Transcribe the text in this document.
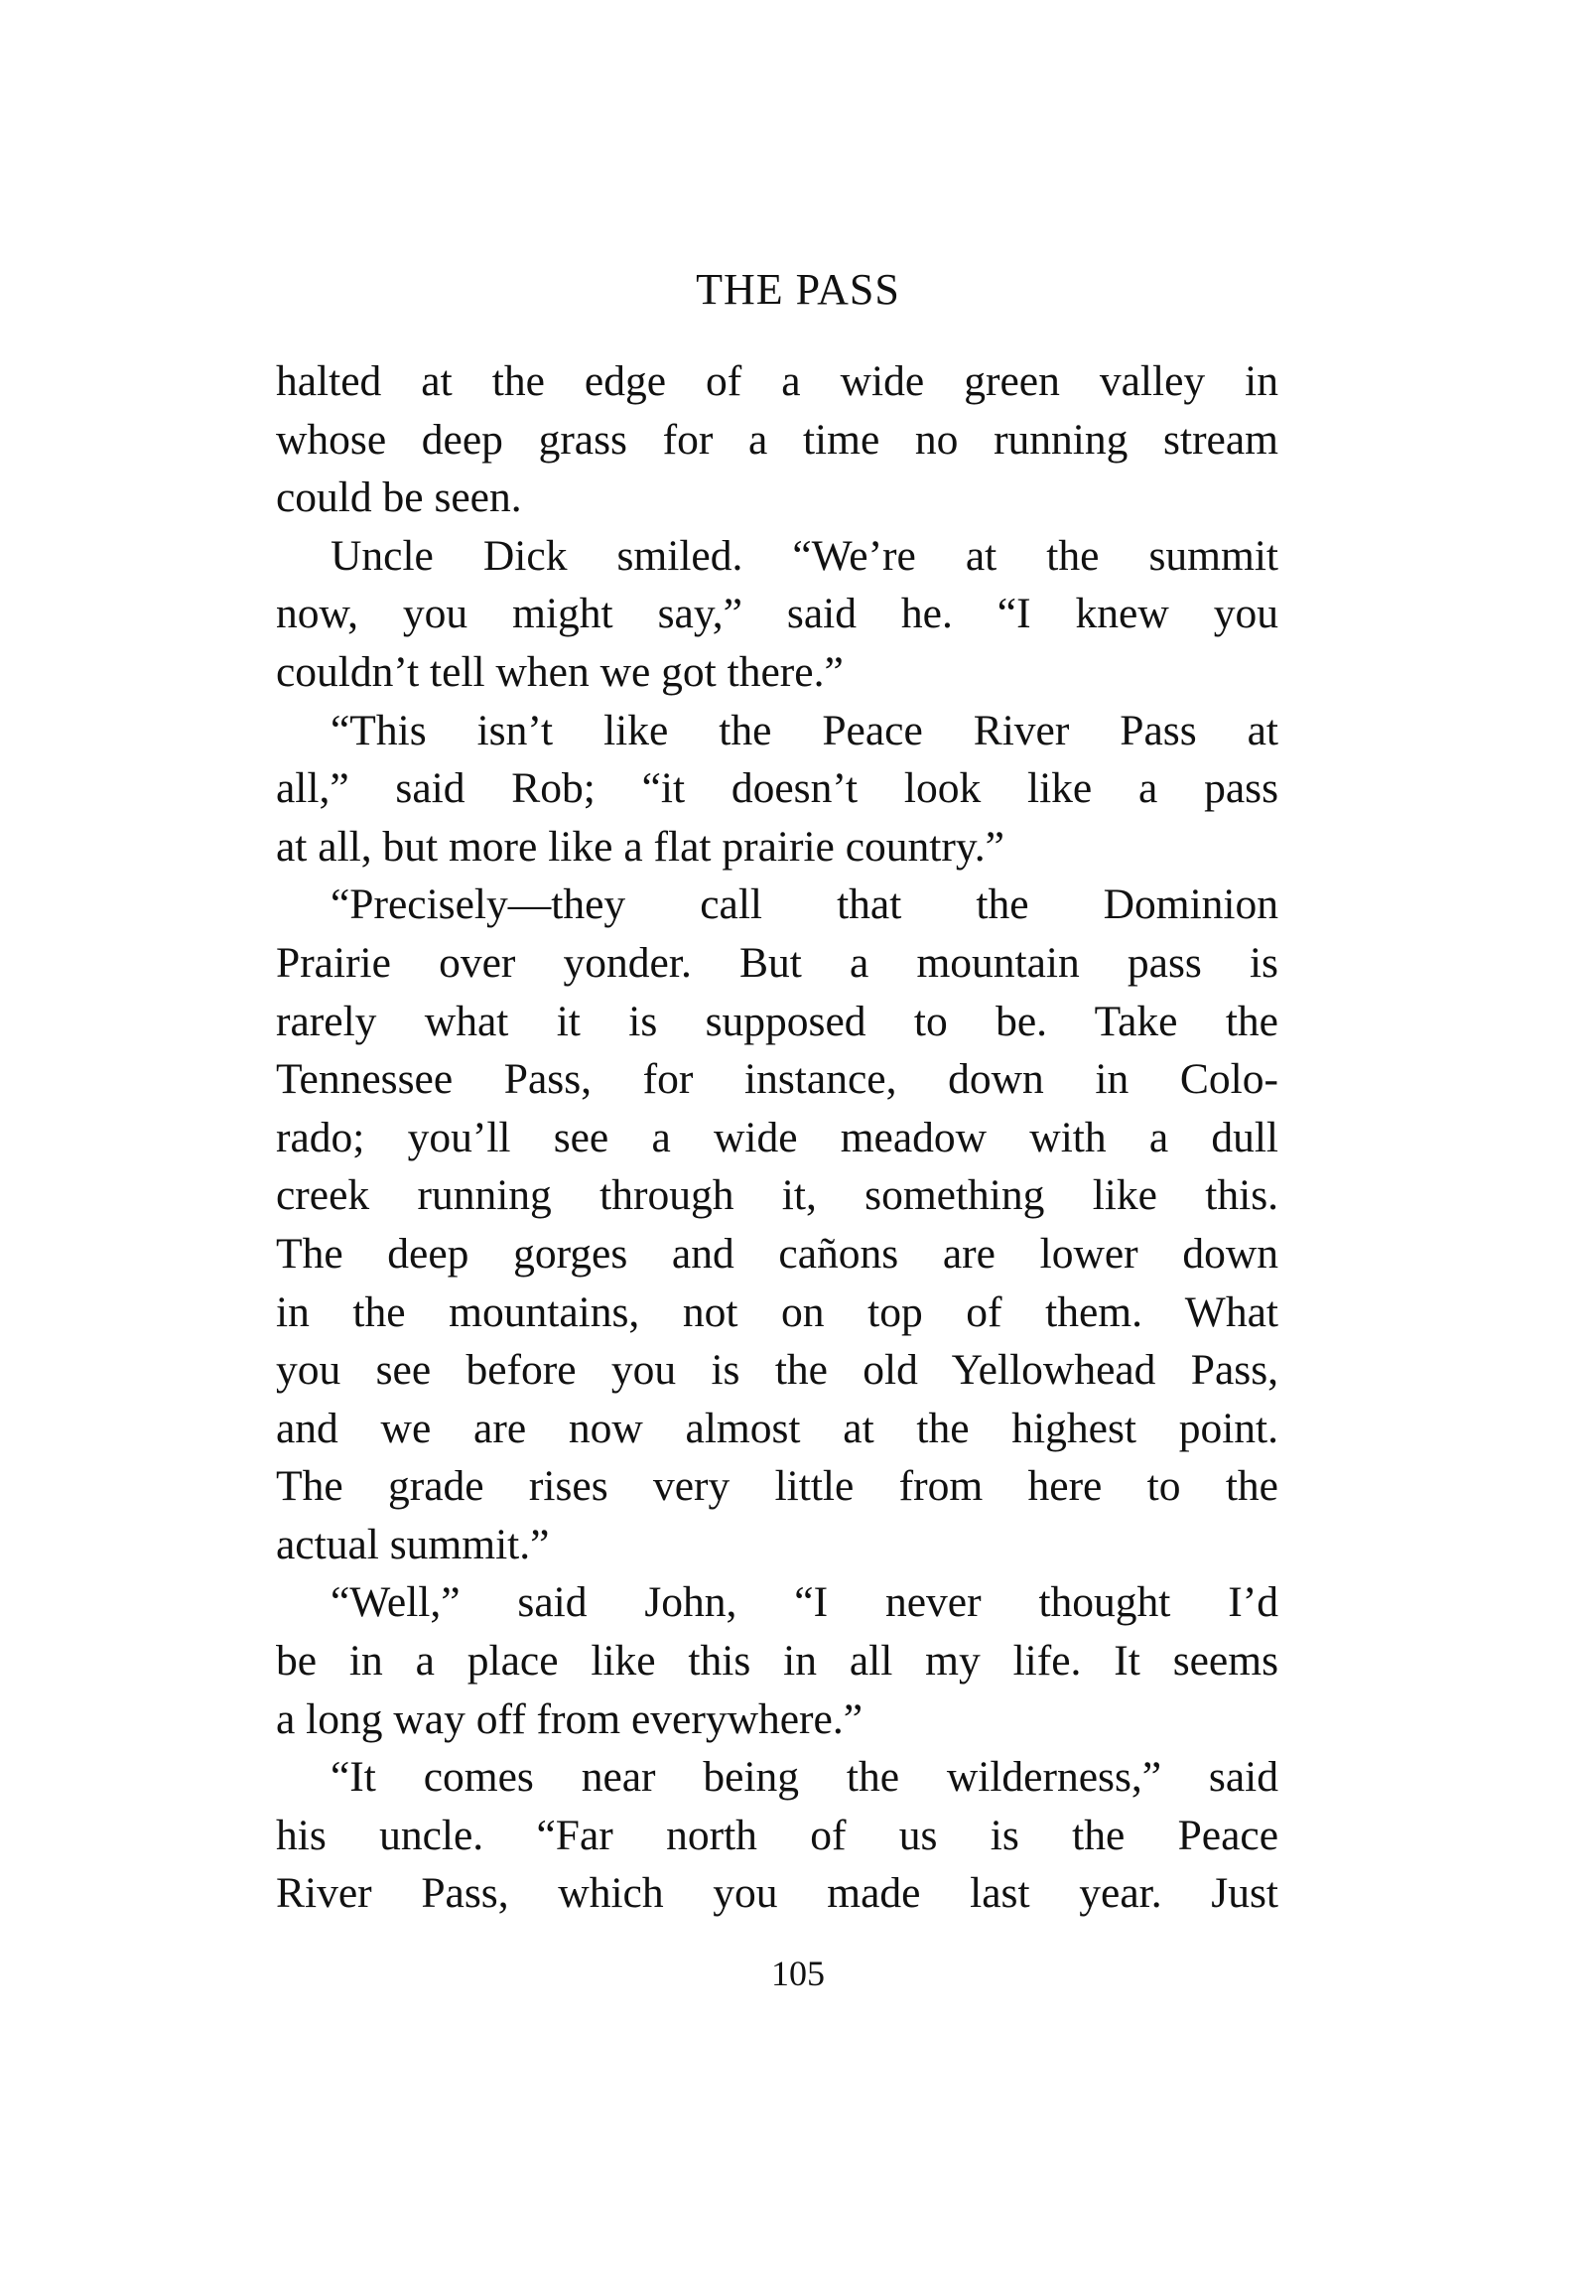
THE PASS
halted at the edge of a wide green valley in
whose deep grass for a time no running stream
could be seen.
Uncle Dick smiled. “We’re at the summit
now, you might say,” said he. “I knew you
couldn’t tell when we got there.”
“This isn’t like the Peace River Pass at
all,” said Rob; “it doesn’t look like a pass
at all, but more like a flat prairie country.”
“Precisely—they call that the Dominion
Prairie over yonder. But a mountain pass is
rarely what it is supposed to be. Take the
Tennessee Pass, for instance, down in Colo-
rado; you’ll see a wide meadow with a dull
creek running through it, something like this.
The deep gorges and cañons are lower down
in the mountains, not on top of them. What
you see before you is the old Yellowhead Pass,
and we are now almost at the highest point.
The grade rises very little from here to the
actual summit.”
“Well,” said John, “I never thought I’d
be in a place like this in all my life. It seems
a long way off from everywhere.”
“It comes near being the wilderness,” said
his uncle. “Far north of us is the Peace
River Pass, which you made last year. Just
105
